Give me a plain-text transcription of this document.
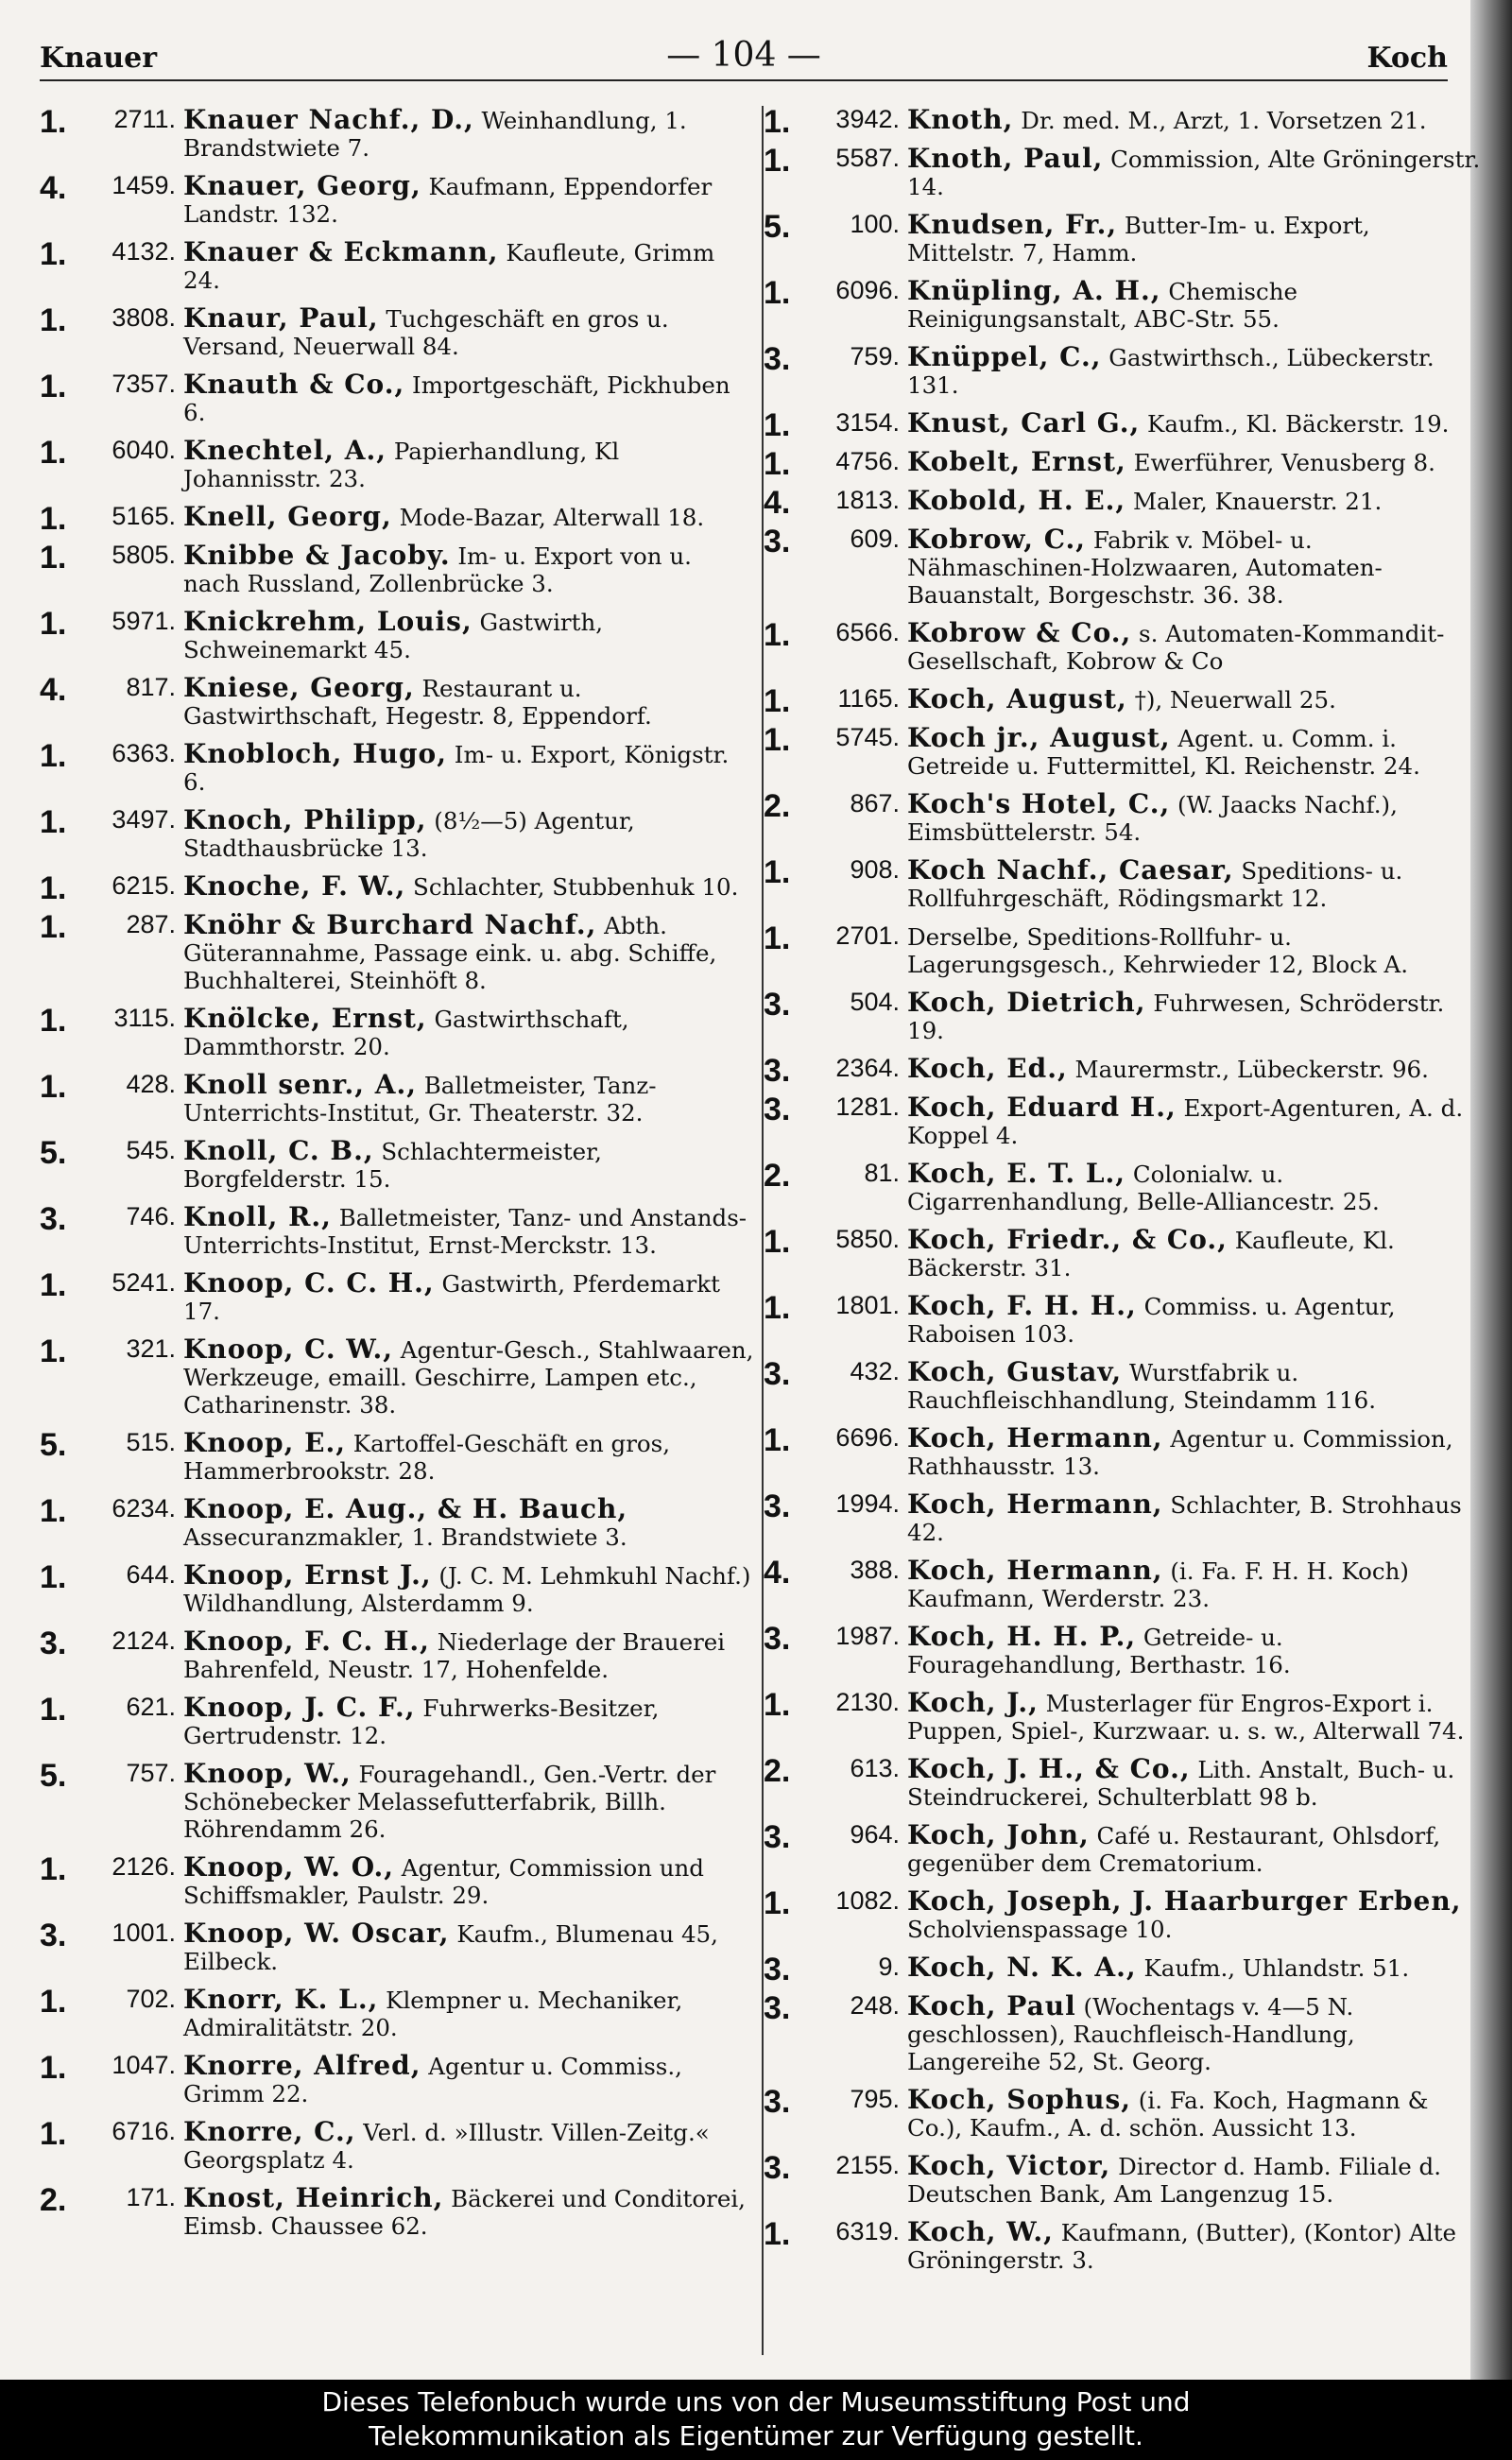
Knauer	— 104 —	Koch
1.	2711. Knauer Nachf., D., Weinhandlung, 1. Brandstwiete 7.
4.	1459. Knauer, Georg, Kaufmann, Eppendorfer Landstr. 132.
1.	4132. Knauer & Eckmann, Kaufleute, Grimm 24.
1.	3808. Knaur, Paul, Tuchgeschäft en gros u. Versand, Neuerwall 84.
1.	7357. Knauth & Co., Importgeschäft, Pickhuben 6.
1.	6040. Knechtel, A., Papierhandlung, Kl Johannisstr. 23.
1.	5165. Knell, Georg, Mode-Bazar, Alterwall 18.
1.	5805. Knibbe & Jacoby. Im- u. Export von u. nach Russland, Zollenbrücke 3.
1.	5971. Knickrehm, Louis, Gastwirth, Schweinemarkt 45.
4.	817. Kniese, Georg, Restaurant u. Gastwirthschaft, Hegestr. 8, Eppendorf.
1.	6363. Knobloch, Hugo, Im- u. Export, Königstr. 6.
1.	3497. Knoch, Philipp, (8½—5) Agentur, Stadthausbrücke 13.
1.	6215. Knoche, F. W., Schlachter, Stubbenhuk 10.
1.	287. Knöhr & Burchard Nachf., Abth. Güterannahme, Passage eink. u. abg. Schiffe, Buchhalterei, Steinhöft 8.
1.	3115. Knölcke, Ernst, Gastwirthschaft, Dammthorstr. 20.
1.	428. Knoll senr., A., Balletmeister, Tanz-Unterrichts-Institut, Gr. Theaterstr. 32.
5.	545. Knoll, C. B., Schlachtermeister, Borgfelderstr. 15.
3.	746. Knoll, R., Balletmeister, Tanz- und Anstands-Unterrichts-Institut, Ernst-Merckstr. 13.
1.	5241. Knoop, C. C. H., Gastwirth, Pferdemarkt 17.
1.	321. Knoop, C. W., Agentur-Gesch., Stahlwaaren, Werkzeuge, emaill. Geschirre, Lampen etc., Catharinenstr. 38.
5.	515. Knoop, E., Kartoffel-Geschäft en gros, Hammerbrookstr. 28.
1.	6234. Knoop, E. Aug., & H. Bauch, Assecuranzmakler, 1. Brandstwiete 3.
1.	644. Knoop, Ernst J., (J. C. M. Lehmkuhl Nachf.) Wildhandlung, Alsterdamm 9.
3.	2124. Knoop, F. C. H., Niederlage der Brauerei Bahrenfeld, Neustr. 17, Hohenfelde.
1.	621. Knoop, J. C. F., Fuhrwerks-Besitzer, Gertrudenstr. 12.
5.	757. Knoop, W., Fouragehandl., Gen.-Vertr. der Schönebecker Melassefutterfabrik, Billh. Röhrendamm 26.
1.	2126. Knoop, W. O., Agentur, Commission und Schiffsmakler, Paulstr. 29.
3.	1001. Knoop, W. Oscar, Kaufm., Blumenau 45, Eilbeck.
1.	702. Knorr, K. L., Klempner u. Mechaniker, Admiralitätstr. 20.
1.	1047. Knorre, Alfred, Agentur u. Commiss., Grimm 22.
1.	6716. Knorre, C., Verl. d. »Illustr. Villen-Zeitg.« Georgsplatz 4.
2.	171. Knost, Heinrich, Bäckerei und Conditorei, Eimsb. Chaussee 62.
1.	3942. Knoth, Dr. med. M., Arzt, 1. Vorsetzen 21.
1.	5587. Knoth, Paul, Commission, Alte Gröningerstr. 14.
5.	100. Knudsen, Fr., Butter-Im- u. Export, Mittelstr. 7, Hamm.
1.	6096. Knüpling, A. H., Chemische Reinigungsanstalt, ABC-Str. 55.
3.	759. Knüppel, C., Gastwirthsch., Lübeckerstr. 131.
1.	3154. Knust, Carl G., Kaufm., Kl. Bäckerstr. 19.
1.	4756. Kobelt, Ernst, Ewerführer, Venusberg 8.
4.	1813. Kobold, H. E., Maler, Knauerstr. 21.
3.	609. Kobrow, C., Fabrik v. Möbel- u. Nähmaschinen-Holzwaaren, Automaten-Bauanstalt, Borgeschstr. 36. 38.
1.	6566. Kobrow & Co., s. Automaten-Kommandit-Gesellschaft, Kobrow & Co
1.	1165. Koch, August, †), Neuerwall 25.
1.	5745. Koch jr., August, Agent. u. Comm. i. Getreide u. Futtermittel, Kl. Reichenstr. 24.
2.	867. Koch's Hotel, C., (W. Jaacks Nachf.), Eimsbüttelerstr. 54.
1.	908. Koch Nachf., Caesar, Speditions- u. Rollfuhrgeschäft, Rödingsmarkt 12.
1.	2701. Derselbe, Speditions-Rollfuhr- u. Lagerungsgesch., Kehrwieder 12, Block A.
3.	504. Koch, Dietrich, Fuhrwesen, Schröderstr. 19.
3.	2364. Koch, Ed., Maurermstr., Lübeckerstr. 96.
3.	1281. Koch, Eduard H., Export-Agenturen, A. d. Koppel 4.
2.	81. Koch, E. T. L., Colonialw. u. Cigarrenhandlung, Belle-Alliancestr. 25.
1.	5850. Koch, Friedr., & Co., Kaufleute, Kl. Bäckerstr. 31.
1.	1801. Koch, F. H. H., Commiss. u. Agentur, Raboisen 103.
3.	432. Koch, Gustav, Wurstfabrik u. Rauchfleischhandlung, Steindamm 116.
1.	6696. Koch, Hermann, Agentur u. Commission, Rathhausstr. 13.
3.	1994. Koch, Hermann, Schlachter, B. Strohhaus 42.
4.	388. Koch, Hermann, (i. Fa. F. H. H. Koch) Kaufmann, Werderstr. 23.
3.	1987. Koch, H. H. P., Getreide- u. Fouragehandlung, Berthastr. 16.
1.	2130. Koch, J., Musterlager für Engros-Export i. Puppen, Spiel-, Kurzwaar. u. s. w., Alterwall 74.
2.	613. Koch, J. H., & Co., Lith. Anstalt, Buch- u. Steindruckerei, Schulterblatt 98 b.
3.	964. Koch, John, Café u. Restaurant, Ohlsdorf, gegenüber dem Crematorium.
1.	1082. Koch, Joseph, J. Haarburger Erben, Scholvienspassage 10.
3.	9. Koch, N. K. A., Kaufm., Uhlandstr. 51.
3.	248. Koch, Paul (Wochentags v. 4—5 N. geschlossen), Rauchfleisch-Handlung, Langereihe 52, St. Georg.
3.	795. Koch, Sophus, (i. Fa. Koch, Hagmann & Co.), Kaufm., A. d. schön. Aussicht 13.
3.	2155. Koch, Victor, Director d. Hamb. Filiale d. Deutschen Bank, Am Langenzug 15.
1.	6319. Koch, W., Kaufmann, (Butter), (Kontor) Alte Gröningerstr. 3.
Dieses Telefonbuch wurde uns von der Museumsstiftung Post und
Telekommunikation als Eigentümer zur Verfügung gestellt.
